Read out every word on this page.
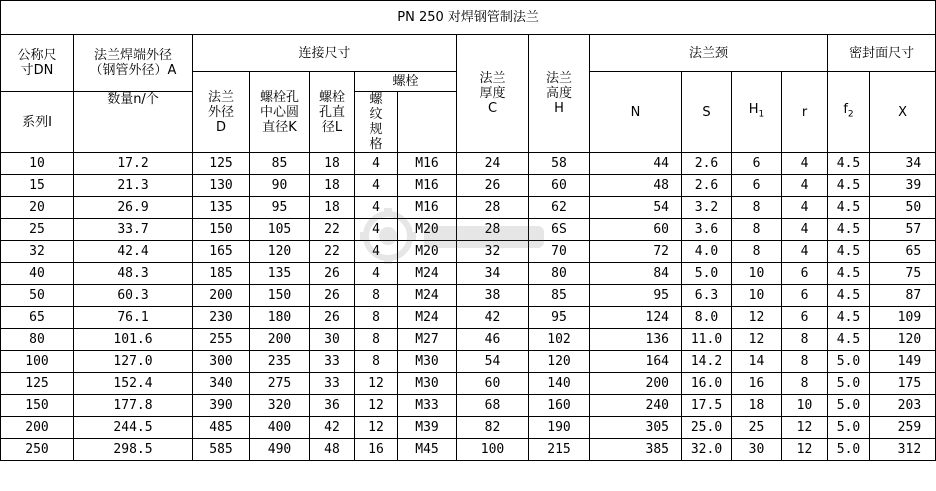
PN 250 对焊钢管制法兰														
公称尺寸DN	法兰焊端外径（钢管外径）A	连接尺寸					法兰厚度C	法兰高度H	法兰颈				密封面尺寸	
		法兰外径D	螺栓孔中心圆直径K	螺栓孔直径L	螺栓									
									N	S	$H_1$	r	$f_2$	X
系列I	数量n/个				螺纹规格									
10	17.2	125	85	18	4	M16	24	58	44	2.6	6	4	4.5	34
15	21.3	130	90	18	4	M16	26	60	48	2.6	6	4	4.5	39
20	26.9	135	95	18	4	M16	28	62	54	3.2	8	4	4.5	50
25	33.7	150	105	22	4	M20	28	6S	60	3.6	8	4	4.5	57
32	42.4	165	120	22	4	M20	32	70	72	4.0	8	4	4.5	65
40	48.3	185	135	26	4	M24	34	80	84	5.0	10	6	4.5	75
50	60.3	200	150	26	8	M24	38	85	95	6.3	10	6	4.5	87
65	76.1	230	180	26	8	M24	42	95	124	8.0	12	6	4.5	109
80	101.6	255	200	30	8	M27	46	102	136	11.0	12	8	4.5	120
100	127.0	300	235	33	8	M30	54	120	164	14.2	14	8	5.0	149
125	152.4	340	275	33	12	M30	60	140	200	16.0	16	8	5.0	175
150	177.8	390	320	36	12	M33	68	160	240	17.5	18	10	5.0	203
200	244.5	485	400	42	12	M39	82	190	305	25.0	25	12	5.0	259
250	298.5	585	490	48	16	M45	100	215	385	32.0	30	12	5.0	312
